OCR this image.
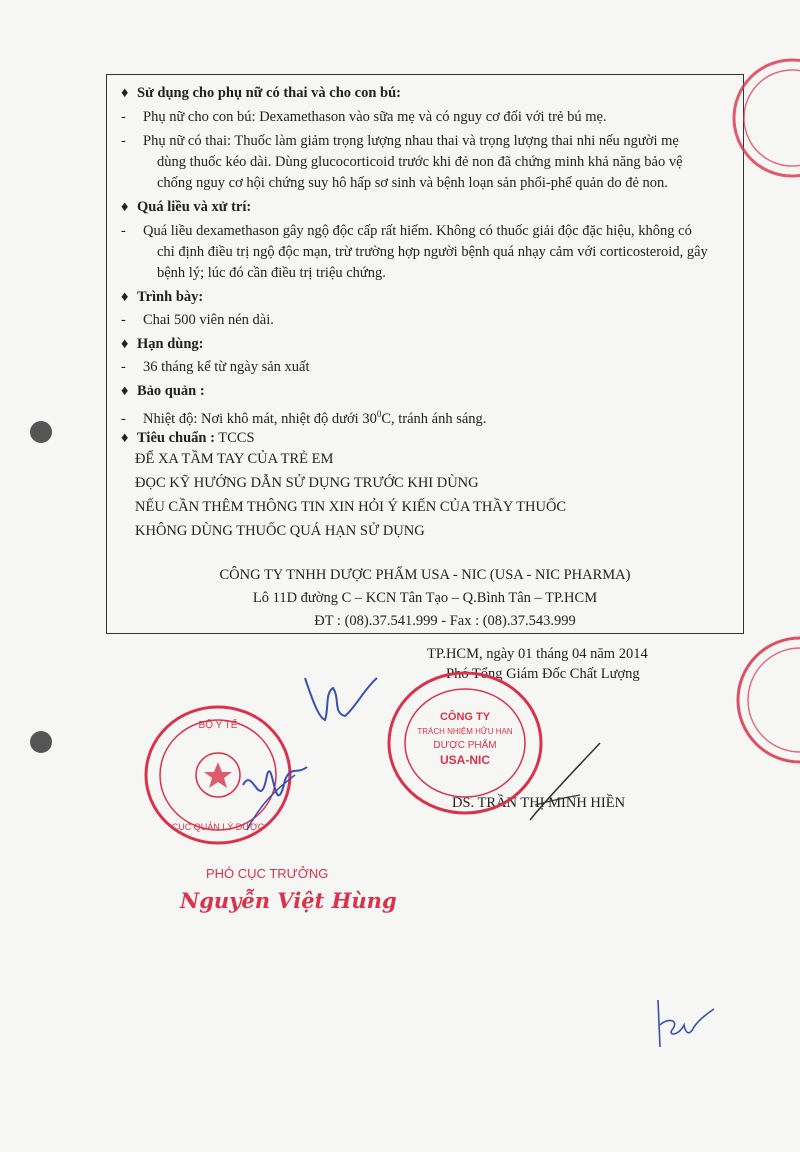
♦ Sử dụng cho phụ nữ có thai và cho con bú:
- Phụ nữ cho con bú: Dexamethason vào sữa mẹ và có nguy cơ đối với trẻ bú mẹ.
- Phụ nữ có thai: Thuốc làm giảm trọng lượng nhau thai và trọng lượng thai nhi nếu người mẹ
dùng thuốc kéo dài. Dùng glucocorticoid trước khi đẻ non đã chứng minh khả năng bảo vệ
chống nguy cơ hội chứng suy hô hấp sơ sinh và bệnh loạn sản phổi-phế quản do đẻ non.
♦ Quá liều và xử trí:
- Quá liều dexamethason gây ngộ độc cấp rất hiếm. Không có thuốc giải độc đặc hiệu, không có
chỉ định điều trị ngộ độc mạn, trừ trường hợp người bệnh quá nhạy cảm với corticosteroid, gây
bệnh lý; lúc đó cần điều trị triệu chứng.
♦ Trình bày:
- Chai 500 viên nén dài.
♦ Hạn dùng:
- 36 tháng kể từ ngày sản xuất
♦ Bảo quản :
- Nhiệt độ: Nơi khô mát, nhiệt độ dưới $30^0C$, tránh ánh sáng.
♦ Tiêu chuẩn : TCCS
ĐỂ XA TẦM TAY CỦA TRẺ EM
ĐỌC KỸ HƯỚNG DẪN SỬ DỤNG TRƯỚC KHI DÙNG
NẾU CẦN THÊM THÔNG TIN XIN HỎI Ý KIẾN CỦA THẦY THUỐC
KHÔNG DÙNG THUỐC QUÁ HẠN SỬ DỤNG
CÔNG TY TNHH DƯỢC PHẨM USA - NIC (USA - NIC PHARMA)
Lô 11D đường C – KCN Tân Tạo – Q.Bình Tân – TP.HCM
ĐT : (08).37.541.999 - Fax : (08).37.543.999
TP.HCM, ngày 01 tháng 04 năm 2014
Phó Tổng Giám Đốc Chất Lượng
DS. TRẦN THỊ MINH HIỀN
CÔNG TY
TRÁCH NHIỆM HỮU HẠN
DƯỢC PHẨM
USA-NIC
BỘ Y TẾ
CỤC QUẢN LÝ DƯỢC
PHÓ CỤC TRƯỞNG
Nguyễn Việt Hùng
